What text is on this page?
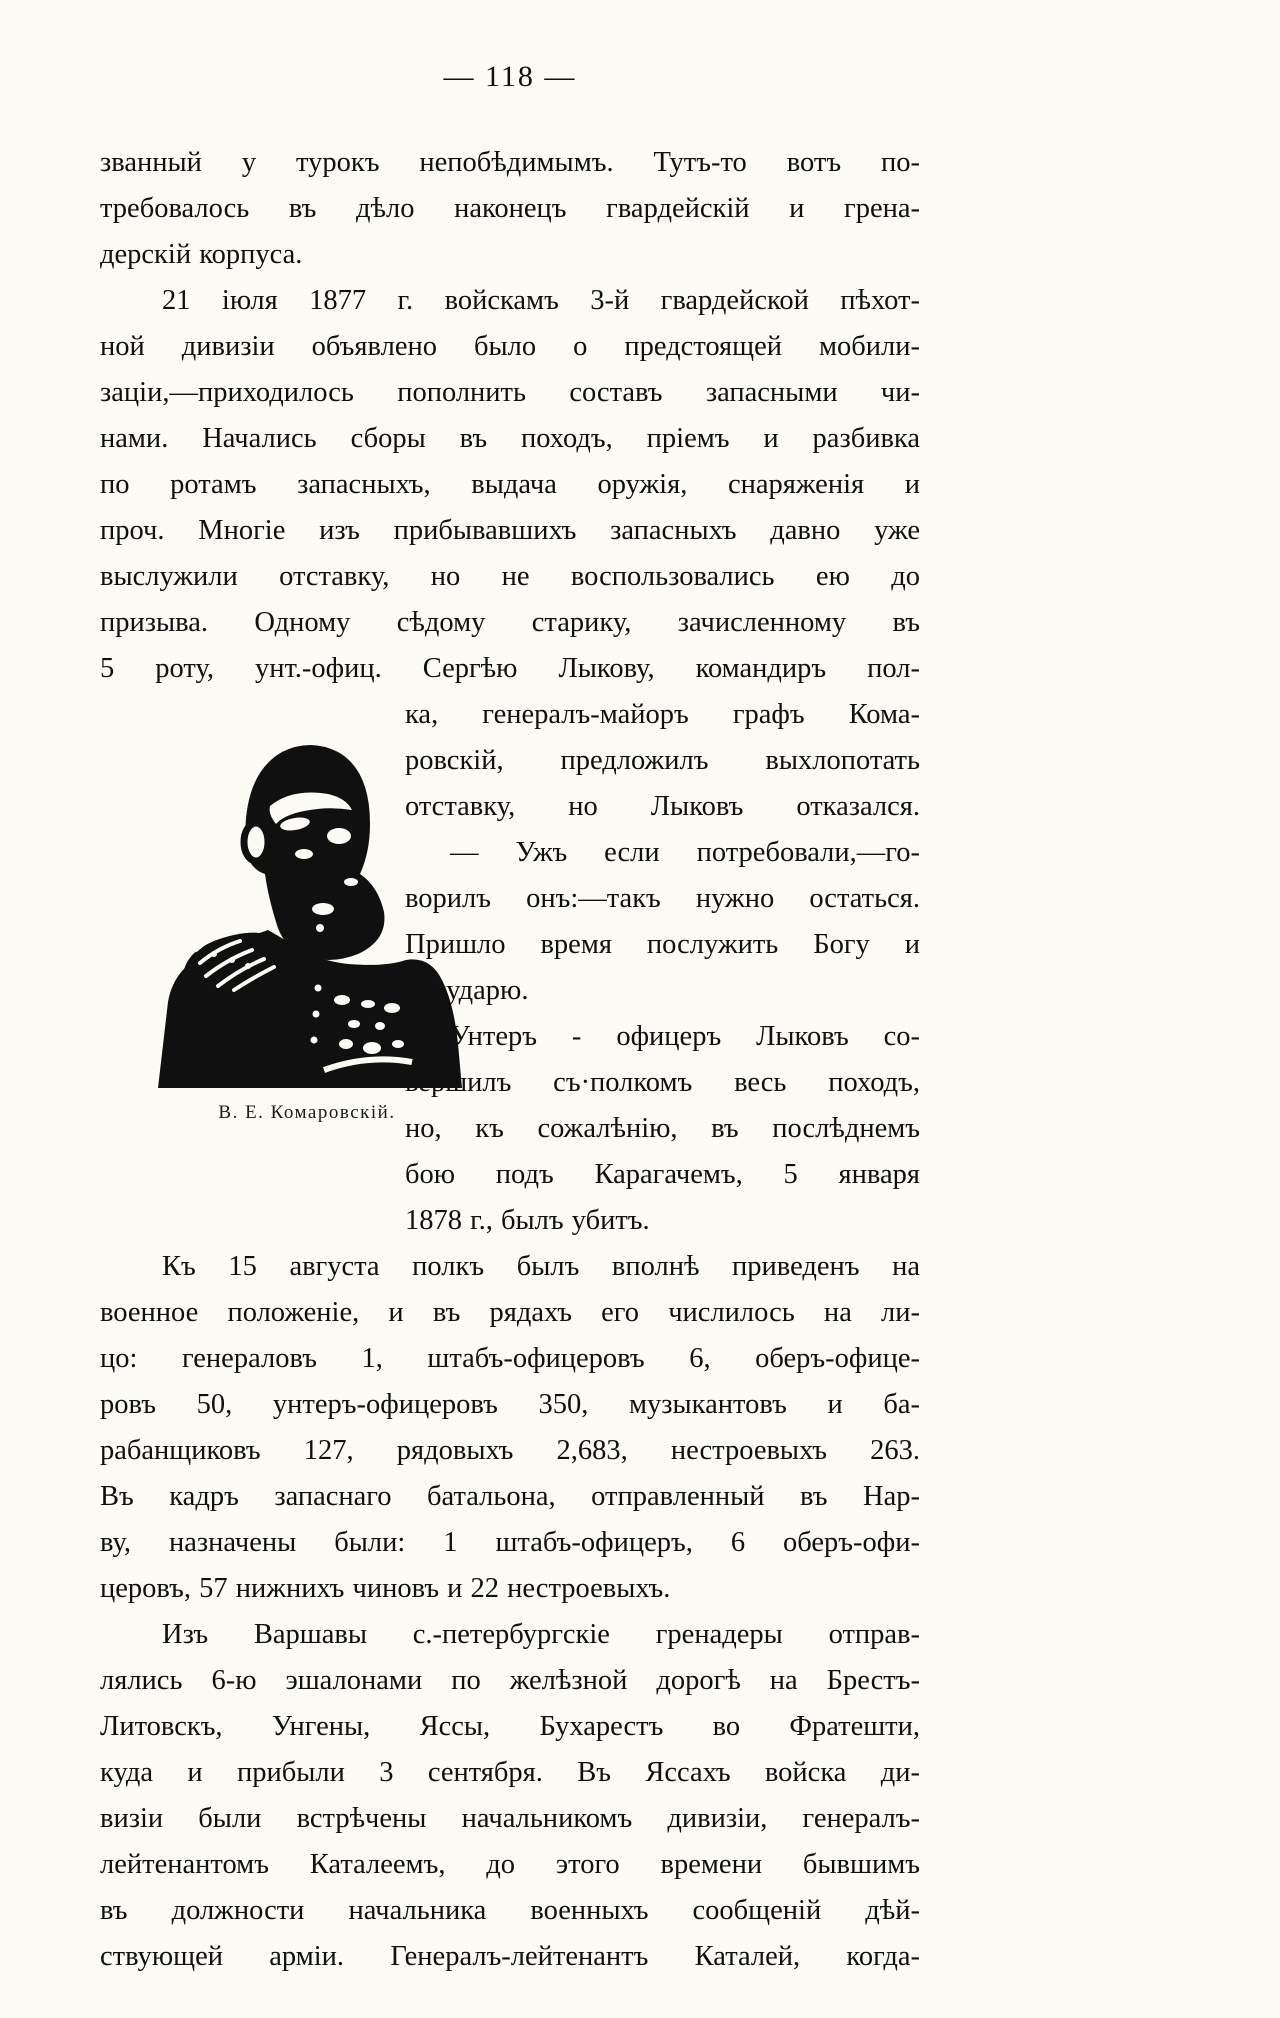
— 118 —
званный у турокъ непобѣдимымъ. Тутъ-то вотъ по-
требовалось въ дѣло наконецъ гвардейскій и грена-
дерскій корпуса.
21 іюля 1877 г. войскамъ 3-й гвардейской пѣхот-
ной дивизіи объявлено было о предстоящей мобили-
заціи,—приходилось пополнить составъ запасными чи-
нами. Начались сборы въ походъ, пріемъ и разбивка
по ротамъ запасныхъ, выдача оружія, снаряженія и
проч. Многіе изъ прибывавшихъ запасныхъ давно уже
выслужили отставку, но не воспользовались ею до
призыва. Одному сѣдому старику, зачисленному въ
5 роту, унт.-офиц. Сергѣю Лыкову, командиръ пол-
В. Е. Комаровскій.
ка, генералъ-майоръ графъ Кома-
ровскій, предложилъ выхлопотать
отставку, но Лыковъ отказался.
— Ужъ если потребовали,—го-
ворилъ онъ:—такъ нужно остаться.
Пришло время послужить Богу и
Государю.
Унтеръ - офицеръ Лыковъ со-
вершилъ съ·полкомъ весь походъ,
но, къ сожалѣнію, въ послѣднемъ
бою подъ Карагачемъ, 5 января
1878 г., былъ убитъ.
Къ 15 августа полкъ былъ вполнѣ приведенъ на
военное положеніе, и въ рядахъ его числилось на ли-
цо: генераловъ 1, штабъ-офицеровъ 6, оберъ-офице-
ровъ 50, унтеръ-офицеровъ 350, музыкантовъ и ба-
рабанщиковъ 127, рядовыхъ 2,683, нестроевыхъ 263.
Въ кадръ запаснаго батальона, отправленный въ Нар-
ву, назначены были: 1 штабъ-офицеръ, 6 оберъ-офи-
церовъ, 57 нижнихъ чиновъ и 22 нестроевыхъ.
Изъ Варшавы с.-петербургскіе гренадеры отправ-
лялись 6-ю эшалонами по желѣзной дорогѣ на Брестъ-
Литовскъ, Унгены, Яссы, Бухарестъ во Фратешти,
куда и прибыли 3 сентября. Въ Яссахъ войска ди-
визіи были встрѣчены начальникомъ дивизіи, генералъ-
лейтенантомъ Каталеемъ, до этого времени бывшимъ
въ должности начальника военныхъ сообщеній дѣй-
ствующей арміи. Генералъ-лейтенантъ Каталей, когда-
